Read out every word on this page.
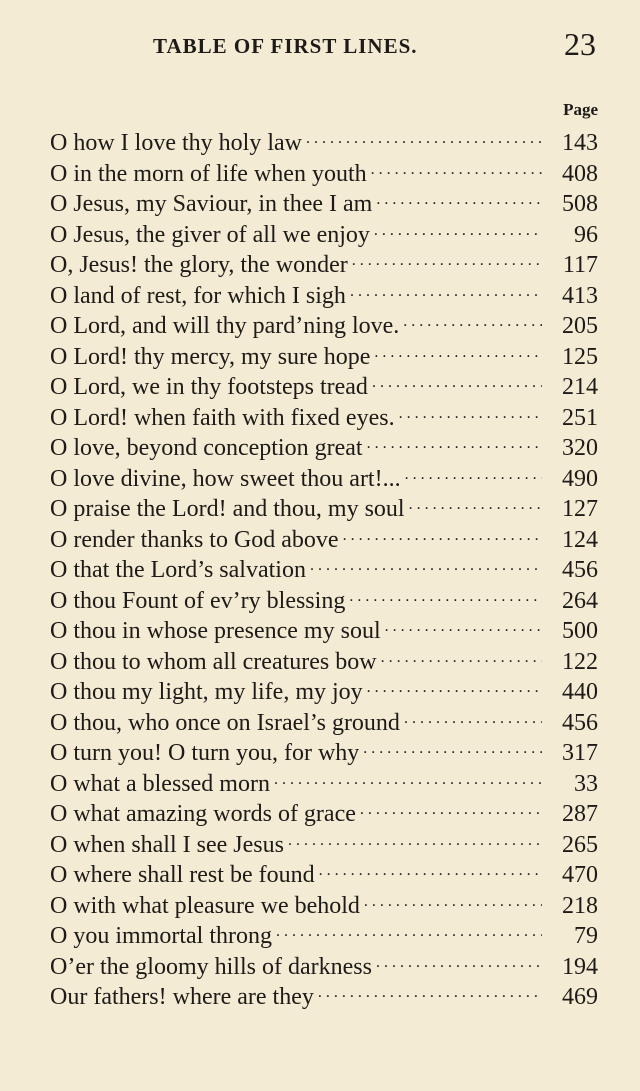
TABLE OF FIRST LINES.	23
Page
O how I love thy holy law . . .	143
O in the morn of life when youth . . .	408
O Jesus, my Saviour, in thee I am . . .	508
O Jesus, the giver of all we enjoy . . .	96
O, Jesus! the glory, the wonder . . .	117
O land of rest, for which I sigh . . .	413
O Lord, and will thy pard’ning love. . . .	205
O Lord! thy mercy, my sure hope . . .	125
O Lord, we in thy footsteps tread . . .	214
O Lord! when faith with fixed eyes. . . .	251
O love, beyond conception great . . .	320
O love divine, how sweet thou art!... . . .	490
O praise the Lord! and thou, my soul . . .	127
O render thanks to God above . . .	124
O that the Lord’s salvation . . .	456
O thou Fount of ev’ry blessing . . .	264
O thou in whose presence my soul . . .	500
O thou to whom all creatures bow . . .	122
O thou my light, my life, my joy . . .	440
O thou, who once on Israel’s ground . . .	456
O turn you! O turn you, for why . . .	317
O what a blessed morn . . .	33
O what amazing words of grace . . .	287
O when shall I see Jesus . . .	265
O where shall rest be found . . .	470
O with what pleasure we behold . . .	218
O you immortal throng . . .	79
O’er the gloomy hills of darkness . . .	194
Our fathers! where are they . . .	469
